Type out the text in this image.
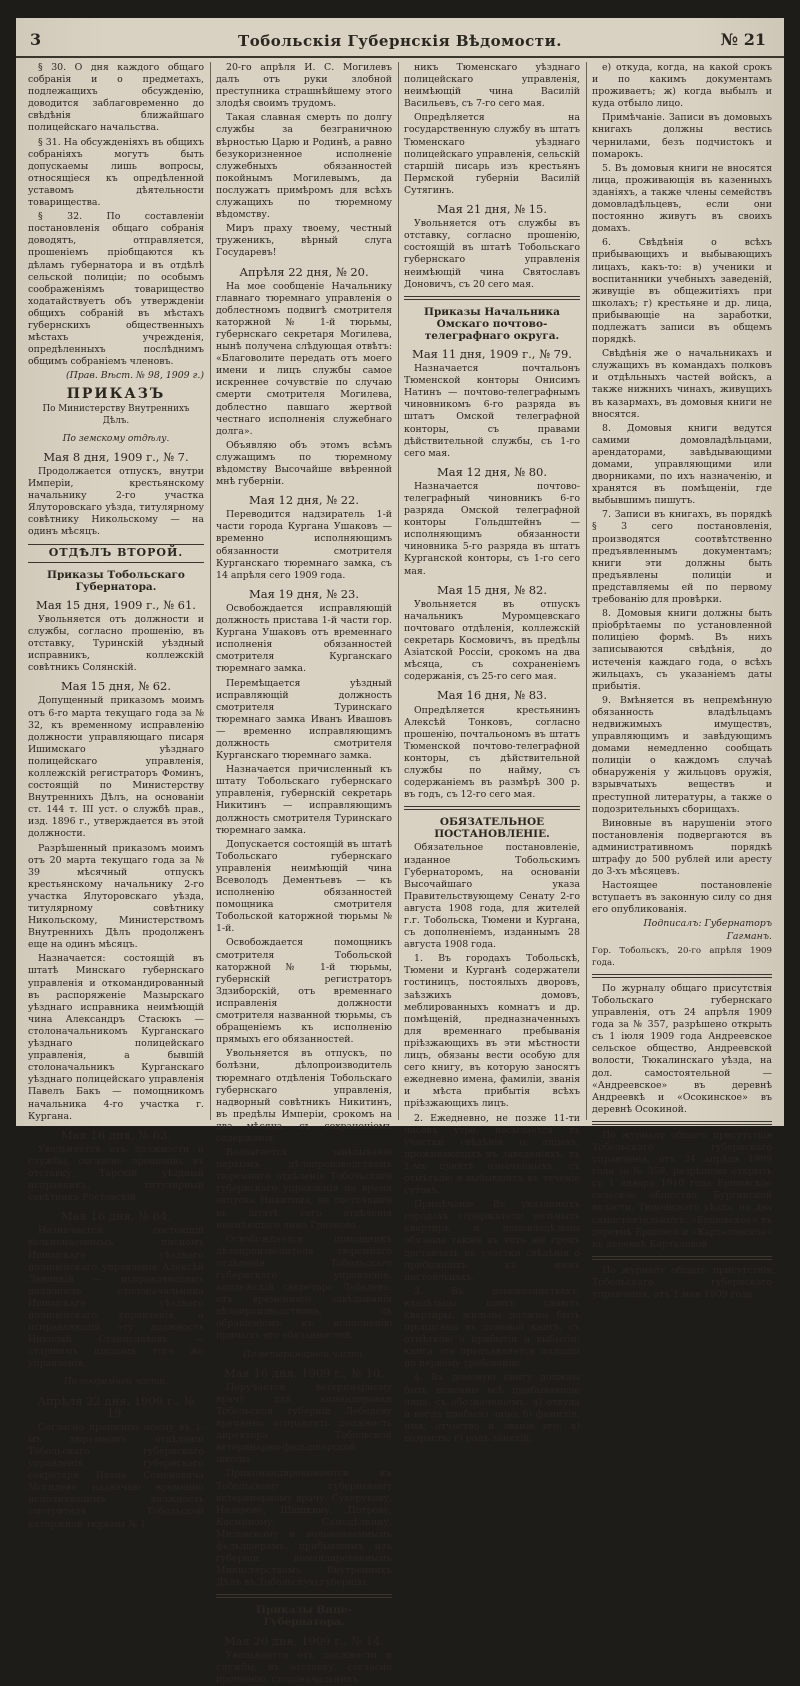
3	Тобольскія Губернскія Вѣдомости.	№ 21

§ 30. О дня каждого общаго собранія и о предметахъ, подлежащихъ обсужденію, доводится заблаговременно до свѣдѣнія ближайшаго полицейскаго начальства.

§ 31. На обсужденіяхъ въ общихъ собраніяхъ могутъ быть допускаемы лишь вопросы, относящіеся къ опредѣленной уставомъ дѣятельности товарищества.

§ 32. По составленіи постановленія общаго собранія доводятъ, отправляется, прошеніемъ пріобщаются къ дѣламъ губернатора и въ отдѣлѣ сельской полиціи; по особымъ соображеніямъ товарищество ходатайствуетъ объ утвержденіи общихъ собраній въ мѣстахъ губернскихъ общественныхъ мѣстахъ учрежденія, опредѣленныхъ послѣднимъ общимъ собраніемъ членовъ.

(Прав. Вѣст. № 98, 1909 г.)

ПРИКАЗЪ
По Министерству Внутреннихъ Дѣлъ.
По земскому отдѣлу.
Мая 8 дня, 1909 г., № 7.

Продолжается отпускъ, внутри Имперіи, крестьянскому начальнику 2-го участка Ялуторовскаго уѣзда, титулярному совѣтнику Никольскому — на одинъ мѣсяцъ.

ОТДѢЛЪ ВТОРОЙ.
Приказы Тобольскаго Губернатора.
Мая 15 дня, 1909 г., № 61.

Увольняется отъ должности и службы, согласно прошенію, въ отставку, Туринскій уѣздный исправникъ, коллежскій совѣтникъ Солянскій.

Мая 15 дня, № 62.

Допущенный приказомъ моимъ отъ 6-го марта текущаго года за № 32, къ временному исправленію должности управляющаго писаря Ишимскаго уѣзднаго полицейскаго управленія, коллежскій регистраторъ Фоминъ, состоящій по Министерству Внутреннихъ Дѣлъ, на основаніи ст. 144 т. III уст. о службѣ прав., изд. 1896 г., утверждается въ этой должности.

Разрѣшенный приказомъ моимъ отъ 20 марта текущаго года за № 39 мѣсячный отпускъ крестьянскому начальнику 2-го участка Ялуторовскаго уѣзда, титулярному совѣтнику Никольскому, Министерствомъ Внутреннихъ Дѣлъ продолженъ еще на одинъ мѣсяцъ.

Назначается: состоящій въ штатѣ Минскаго губернскаго управленія и откомандированный въ распоряженіе Мазырскаго уѣзднаго исправника неимѣющій чина Александръ Стасюкъ — столоначальникомъ Курганскаго уѣзднаго полицейскаго управленія, а бывшій столоначальникъ Курганскаго уѣзднаго полицейскаго управленія Павелъ Бакъ — помощникомъ начальника 4-го участка г. Кургана.

Мая 16 дня, № 63.

Увольняется отъ должности и службы, согласно прошенію, въ отставку, Тарскій уѣздный исправникъ, титулярный совѣтникъ Ростовскій.

Мая 16 дня, № 64.

Назначается: состоящій вольнонаемнымъ писцомъ Ишимскаго уѣзднаго полицейскаго управленія Алексѣй Левицкій — исправляющимъ должность столоначальника Ишимскаго уѣзднаго полицейскаго управленія, а исправляющій эту должность Николай Станиславовъ — старшимъ писцомъ того же управленія.

По тюремной части.
Апрѣля 22 дня, 1909 г., № 19.

Согласно прошенію моему въ 1-мъ тюремномъ отдѣленіи Тобольскаго губернскаго управленія, губернскаго секретаря Ивана Семеновича Могилева назначаю временно исполняющимъ должность смотрителя Тобольской каторжной тюрьмы № 1.

20-го апрѣля И. С. Могилевъ далъ отъ руки злобной преступника страшнѣйшему этого злодѣя своимъ трудомъ.

Такая славная смерть по долгу службы за безграничною вѣрностью Царю и Родинѣ, а равно безукоризненное исполненіе служебныхъ обязанностей покойнымъ Могилевымъ, да послужатъ примѣромъ для всѣхъ служащихъ по тюремному вѣдомству.

Миръ праху твоему, честный труженикъ, вѣрный слуга Государевъ!

Апрѣля 22 дня, № 20.

На мое сообщеніе Начальнику главнаго тюремнаго управленія о доблестномъ подвигѣ смотрителя каторжной № 1-й тюрьмы, губернскаго секретаря Могилева, нынѣ получена слѣдующая отвѣтъ: «Благоволите передать отъ моего имени и лицъ службы самое искреннее сочувствіе по случаю смерти смотрителя Могилева, доблестно павшаго жертвой честнаго исполненія служебнаго долга».

Объявляю объ этомъ всѣмъ служащимъ по тюремному вѣдомству Высочайше ввѣренной мнѣ губерніи.

Мая 12 дня, № 22.

Переводится надзиратель 1-й части города Кургана Ушаковъ — временно исполняющимъ обязанности смотрителя Курганскаго тюремнаго замка, съ 14 апрѣля сего 1909 года.

Мая 19 дня, № 23.

Освобождается исправляющій должность пристава 1-й части гор. Кургана Ушаковъ отъ временнаго исполненія обязанностей смотрителя Курганскаго тюремнаго замка.

Перемѣщается уѣздный исправляющій должность смотрителя Туринскаго тюремнаго замка Иванъ Ивашовъ — временно исправляющимъ должность смотрителя Курганскаго тюремнаго замка.

Назначается причисленный къ штату Тобольскаго губернскаго управленія, губернскій секретарь Никитинъ — исправляющимъ должность смотрителя Туринскаго тюремнаго замка.

Допускается состоящій въ штатѣ Тобольскаго губернскаго управленія неимѣющій чина Всеволодъ Дементьевъ — къ исполненію обязанностей помощника смотрителя Тобольской каторжной тюрьмы № 1-й.

Освобождается помощникъ смотрителя Тобольской каторжной № 1-й тюрьмы, губернскій регистраторъ Здзиборскій, отъ временнаго исправленія должности смотрителя названной тюрьмы, съ обращеніемъ къ исполненію прямыхъ его обязанностей.

Увольняется въ отпускъ, по болѣзни, дѣлопроизводитель тюремнаго отдѣленія Тобольскаго губернскаго управленія, надворный совѣтникъ Никитинъ, въ предѣлы Имперіи, срокомъ на два мѣсяца, съ сохраненіемъ содержанія.

Возлагается завѣдываніе первымъ дѣлопроизводствомъ тюремнаго отдѣленія Тобольскаго губернскаго управленія на время отпуска Никитина, на состоящаго въ штатѣ сего отдѣленія неимѣющаго чина Грязнова.

Освобождается помощникъ дѣлопроизводителя тюремнаго отдѣленія Тобольскаго губернскаго управленія, коллежскій секретарь Лебедевъ, отъ временнаго завѣдыванія дѣлопроизводствомъ, съ обращеніемъ къ исполненію прямыхъ его обязанностей.

По ветеринарной части.
Мая 16 дня, 1909 г., № 10.

Поручается ветеринарному врачу для командировки Тобольской губерніи Лебедеву временно исправлять должность директора Тобольской ветеринарно-фельдшерской школы.

Прикомандировываются къ Тобольскому губернскому ветеринарному врачу: Сухорукову, Назарову, Шишкину, Потрову, Косминому, Самодѣлкину, Миловскому и вольнонаемнымъ фельдшерамъ, прибывшимъ изъ губерніи, командированнымъ Министерствомъ Внутреннихъ Дѣлъ въ Тобольскую губернію.

Приказы Вице-Губернатора.
Мая 20 дня, 1909 г., № 14.

Увольняется отъ должности и службы, въ отставку, согласно прошенію, столоначальникъ

никъ Тюменскаго уѣзднаго полицейскаго управленія, неимѣющій чина Василій Васильевъ, съ 7-го сего мая.

Опредѣляется на государственную службу въ штатъ Тюменскаго уѣзднаго полицейскаго управленія, сельскій старшій писарь изъ крестьянъ Пермской губерніи Василій Сутягинъ.

Мая 21 дня, № 15.

Увольняется отъ службы въ отставку, согласно прошенію, состоящій въ штатѣ Тобольскаго губернскаго управленія неимѣющій чина Святославъ Доновичъ, съ 20 сего мая.

Приказы Начальника Омскаго почтово-телеграфнаго округа.
Мая 11 дня, 1909 г., № 79.

Назначается почтальонъ Тюменской конторы Онисимъ Натинъ — почтово-телеграфнымъ чиновникомъ 6-го разряда въ штатъ Омской телеграфной конторы, съ правами дѣйствительной службы, съ 1-го сего мая.

Мая 12 дня, № 80.

Назначается почтово-телеграфный чиновникъ 6-го разряда Омской телеграфной конторы Гольдштейнъ — исполняющимъ обязанности чиновника 5-го разряда въ штатъ Курганской конторы, съ 1-го сего мая.

Мая 15 дня, № 82.

Увольняется въ отпускъ начальникъ Муромцевскаго почтоваго отдѣленія, коллежскій секретарь Космовичъ, въ предѣлы Азіатской Россіи, срокомъ на два мѣсяца, съ сохраненіемъ содержанія, съ 25-го сего мая.

Мая 16 дня, № 83.

Опредѣляется крестьянинъ Алексѣй Тонковъ, согласно прошенію, почтальономъ въ штатъ Тюменской почтово-телеграфной конторы, съ дѣйствительной службы по найму, съ содержаніемъ въ размѣрѣ 300 р. въ годъ, съ 12-го сего мая.

ОБЯЗАТЕЛЬНОЕ ПОСТАНОВЛЕНІЕ.

Обязательное постановленіе, изданное Тобольскимъ Губернаторомъ, на основаніи Высочайшаго указа Правительствующему Сенату 2-го августа 1908 года, для жителей г.г. Тобольска, Тюмени и Кургана, съ дополненіемъ, изданнымъ 28 августа 1908 года.

1. Въ городахъ Тобольскѣ, Тюмени и Курганѣ содержатели гостиницъ, постоялыхъ дворовъ, заѣзжихъ домовъ, меблированныхъ комнатъ и др. помѣщеній, предназначенныхъ для временнаго пребыванія пріѣзжающихъ въ эти мѣстности лицъ, обязаны вести особую для сего книгу, въ которую заносятъ ежедневно имена, фамиліи, званія и мѣста прибытія всѣхъ пріѣзжающихъ лицъ.

2. Ежедневно, не позже 11-ти часовъ утра, посылается въ участки свѣдѣнія о лицахъ, проживающихъ въ заведеніяхъ, въ 1-мъ пунктѣ означенныхъ, съ отмѣткою о выбывшихъ въ теченіе сутокъ.

Примѣчаніе. Въ указанныхъ городахъ содержатели вольныхъ квартиръ и домовладѣльцы обязаны также въ тотъ же срокъ доставлять въ участки свѣдѣнія о прибывшихъ къ нимъ постояльцахъ.

3. Въ домохозяйствахъ, владѣльцы коихъ сдаютъ квартиры, жильцы должны быть прописаны въ домовой книгѣ, съ отмѣткою о прибытіи и выбытіи; книга эта предъявляется полиціи по первому требованію.

4. Въ домовую книгу должны быть вписаны всѣ прибывающіе лица, съ обозначеніемъ: а) откуда и когда прибыло лицо; б) фамилія, имя, отчество и званіе его; в) возрастъ; г) родъ занятій;

е) откуда, когда, на какой срокъ и по какимъ документамъ проживаетъ; ж) когда выбылъ и куда отбыло лицо.

Примѣчаніе. Записи въ домовыхъ книгахъ должны вестись чернилами, безъ подчистокъ и помарокъ.

5. Въ домовыя книги не вносятся лица, проживающія въ казенныхъ зданіяхъ, а также члены семействъ домовладѣльцевъ, если они постоянно живутъ въ своихъ домахъ.

6. Свѣдѣнія о всѣхъ прибывающихъ и выбывающихъ лицахъ, какъ-то: в) ученики и воспитанники учебныхъ заведеній, живущіе въ общежитіяхъ при школахъ; г) крестьяне и др. лица, прибывающіе на заработки, подлежатъ записи въ общемъ порядкѣ.

Свѣдѣнія же о начальникахъ и служащихъ въ командахъ полковъ и отдѣльныхъ частей войскъ, а также нижнихъ чинахъ, живущихъ въ казармахъ, въ домовыя книги не вносятся.

8. Домовыя книги ведутся самими домовладѣльцами, арендаторами, завѣдывающими домами, управляющими или дворниками, по ихъ назначенію, и хранятся въ помѣщеніи, где выбывшимъ пишутъ.

7. Записи въ книгахъ, въ порядкѣ § 3 сего постановленія, производятся соотвѣтственно предъявленнымъ документамъ; книги эти должны быть предъявлены полиціи и представляемы ей по первому требованію для провѣрки.

8. Домовыя книги должны быть пріобрѣтаемы по установленной полиціею формѣ. Въ нихъ записываются свѣдѣнія, до истеченія каждаго года, о всѣхъ жильцахъ, съ указаніемъ даты прибытія.

9. Вмѣняется въ непремѣнную обязанность владѣльцамъ недвижимыхъ имуществъ, управляющимъ и завѣдующимъ домами немедленно сообщать полиціи о каждомъ случаѣ обнаруженія у жильцовъ оружія, взрывчатыхъ веществъ и преступной литературы, а также о подозрительныхъ сборищахъ.

Виновные въ нарушеніи этого постановленія подвергаются въ административномъ порядкѣ штрафу до 500 рублей или аресту до 3-хъ мѣсяцевъ.

Настоящее постановленіе вступаетъ въ законную силу со дня его опубликованія.

Подписалъ: Губернаторъ Гагманъ.

Гор. Тобольскъ, 20-го апрѣля 1909 года.

По журналу общаго присутствія Тобольскаго губернскаго управленія, отъ 24 апрѣля 1909 года за № 357, разрѣшено открыть съ 1 іюля 1909 года Андреевское сельское общество, Андреевской волости, Тюкалинскаго уѣзда, на дол. самостоятельной — «Андреевское» въ деревнѣ Андреевкѣ и «Осокинское» въ деревнѣ Осокиной.

По журналу общаго присутствія Тобольскаго губернскаго управленія, отъ 24 апрѣля 1909 года за № 358, разрѣшено открыть съ 1 января 1910 года Ершовское сельское общество, Бургинской волости, Тюменскаго уѣзда, на два самостоятельныхъ: «Ершовское» въ деревнѣ Ершовой и «Карталовское» въ деревнѣ Карталовой.

По журналу общаго присутствія Тобольскаго губернскаго управленія, отъ 1 мая 1909 года
